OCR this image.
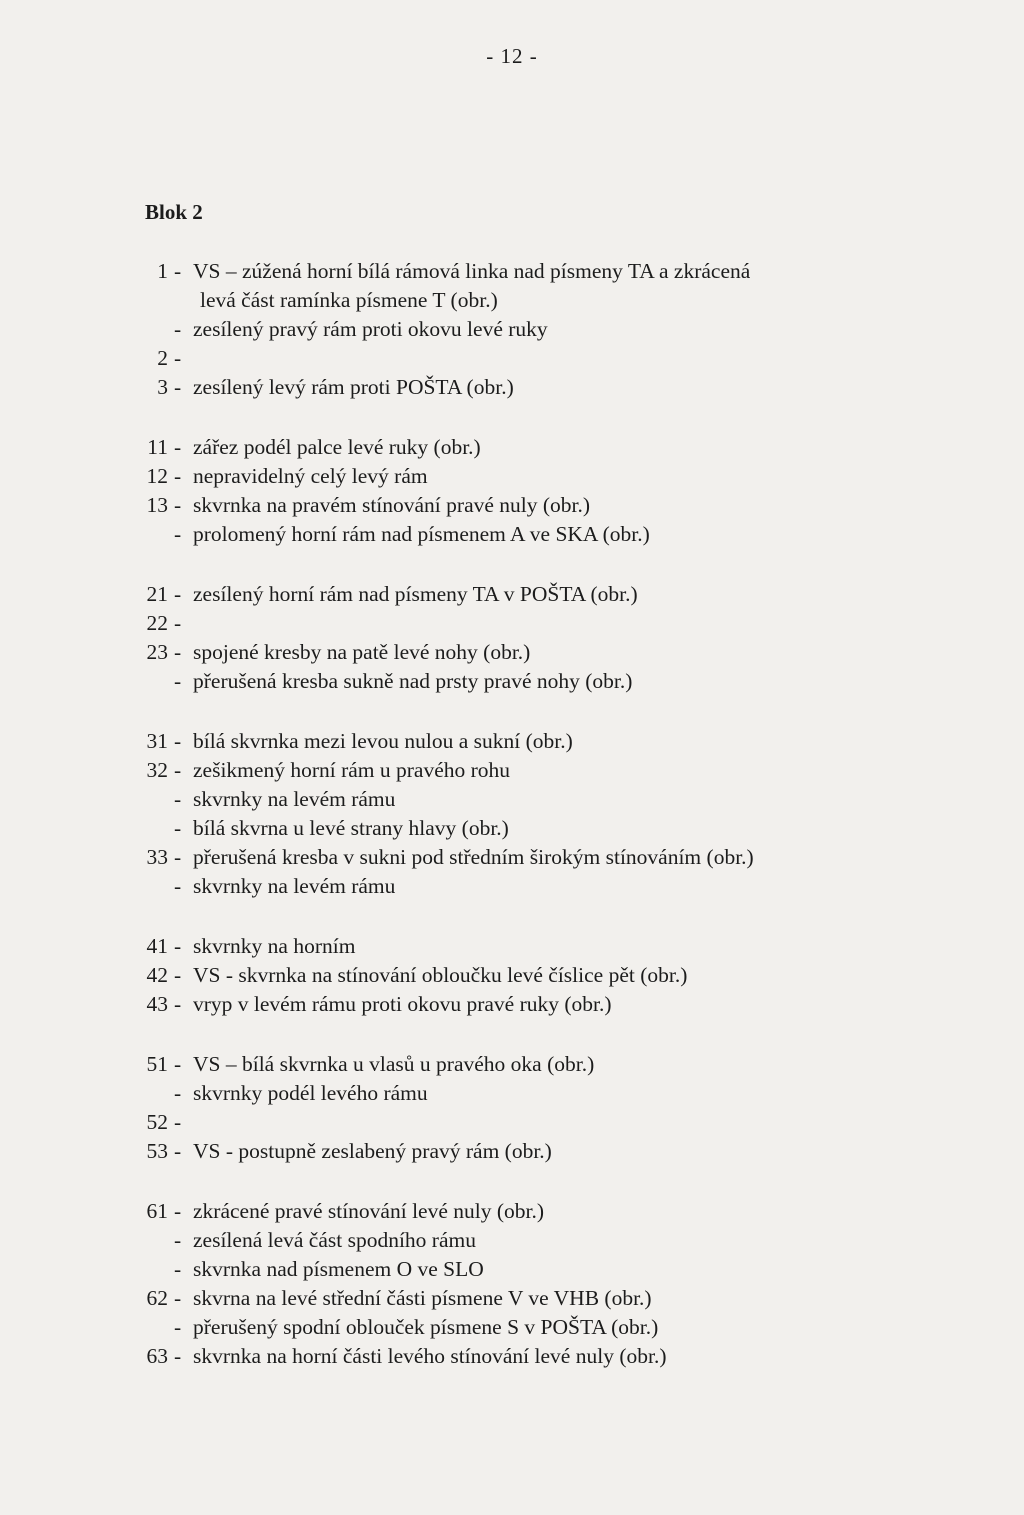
- 12 -
Blok 2
1 - VS – zúžená horní bílá rámová linka nad písmeny TA a zkrácená
levá část ramínka písmene T (obr.)
- zesílený pravý rám proti okovu levé ruky
2 -
3 - zesílený levý rám proti POŠTA (obr.)
11 - zářez podél palce levé ruky (obr.)
12 - nepravidelný celý levý rám
13 - skvrnka na pravém stínování pravé nuly (obr.)
- prolomený horní rám nad písmenem A ve SKA (obr.)
21 - zesílený horní rám nad písmeny TA v POŠTA (obr.)
22 -
23 - spojené kresby na patě levé nohy (obr.)
- přerušená kresba sukně nad prsty pravé nohy (obr.)
31 - bílá skvrnka mezi levou nulou a sukní (obr.)
32 - zešikmený horní rám u pravého rohu
- skvrnky na levém rámu
- bílá skvrna u levé strany hlavy (obr.)
33 - přerušená kresba v sukni pod středním širokým stínováním (obr.)
- skvrnky na levém rámu
41 - skvrnky na horním
42 - VS - skvrnka na stínování obloučku levé číslice pět (obr.)
43 - vryp v levém rámu proti okovu pravé ruky (obr.)
51 - VS – bílá skvrnka u vlasů u pravého oka (obr.)
- skvrnky podél levého rámu
52 -
53 - VS - postupně zeslabený pravý rám (obr.)
61 - zkrácené pravé stínování levé nuly (obr.)
- zesílená levá část spodního rámu
- skvrnka nad písmenem O ve SLO
62 - skvrna na levé střední části písmene V ve VHB (obr.)
- přerušený spodní oblouček písmene S v POŠTA (obr.)
63 - skvrnka na horní části levého stínování levé nuly (obr.)
